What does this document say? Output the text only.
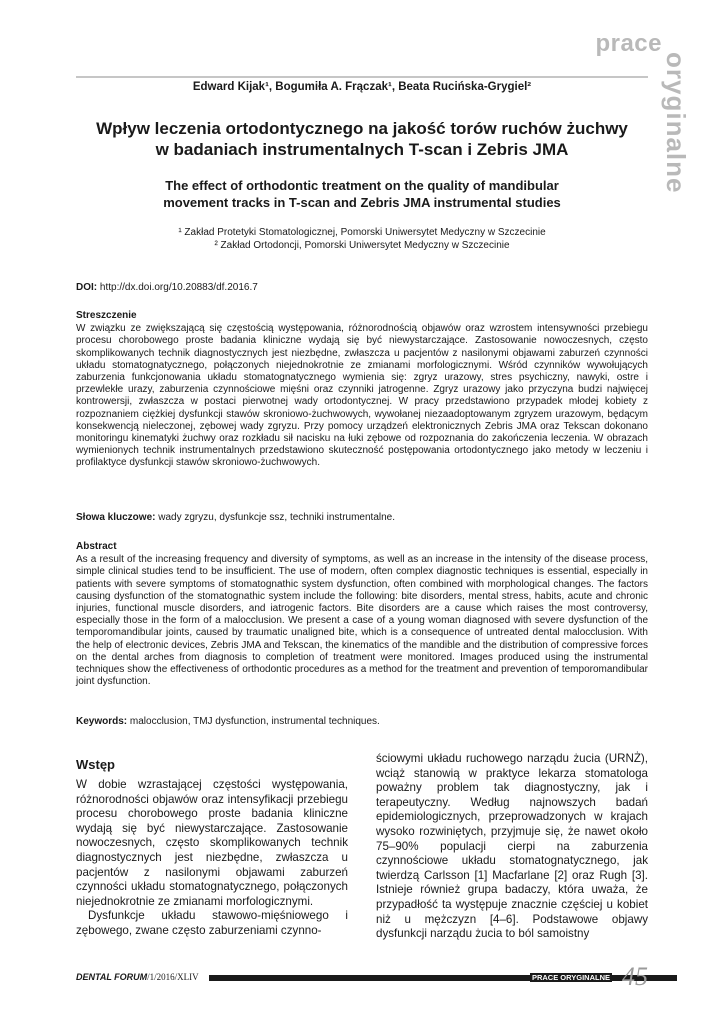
prace
oryginalne
Edward Kijak¹, Bogumiła A. Frączak¹, Beata Rucińska-Grygiel²
Wpływ leczenia ortodontycznego na jakość torów ruchów żuchwy
w badaniach instrumentalnych T-scan i Zebris JMA
The effect of orthodontic treatment on the quality of mandibular
movement tracks in T-scan and Zebris JMA instrumental studies
¹ Zakład Protetyki Stomatologicznej, Pomorski Uniwersytet Medyczny w Szczecinie
² Zakład Ortodoncji, Pomorski Uniwersytet Medyczny w Szczecinie
DOI: http://dx.doi.org/10.20883/df.2016.7
Streszczenie

W związku ze zwiększającą się częstością występowania, różnorodnością objawów oraz wzrostem intensywności przebiegu procesu chorobowego proste badania kliniczne wydają się być niewystarczające. Zastosowanie nowoczesnych, często skomplikowanych technik diagnostycznych jest niezbędne, zwłaszcza u pacjentów z nasilonymi objawami zaburzeń czynności układu stomatognatycznego, połączonych niejednokrotnie ze zmianami morfologicznymi. Wśród czynników wywołujących zaburzenia funkcjonowania układu stomatognatycznego wymienia się: zgryz urazowy, stres psychiczny, nawyki, ostre i przewlekłe urazy, zaburzenia czynnościowe mięśni oraz czynniki jatrogenne. Zgryz urazowy jako przyczyna budzi najwięcej kontrowersji, zwłaszcza w postaci pierwotnej wady ortodontycznej. W pracy przedstawiono przypadek młodej kobiety z rozpoznaniem ciężkiej dysfunkcji stawów skroniowo-żuchwowych, wywołanej niezaadoptowanym zgryzem urazowym, będącym konsekwencją nieleczonej, zębowej wady zgryzu. Przy pomocy urządzeń elektronicznych Zebris JMA oraz Tekscan dokonano monitoringu kinematyki żuchwy oraz rozkładu sił nacisku na łuki zębowe od rozpoznania do zakończenia leczenia. W obrazach wymienionych technik instrumentalnych przedstawiono skuteczność postępowania ortodontycznego jako metody w leczeniu i profilaktyce dysfunkcji stawów skroniowo-żuchwowych.

Słowa kluczowe: wady zgryzu, dysfunkcje ssz, techniki instrumentalne.
Abstract

As a result of the increasing frequency and diversity of symptoms, as well as an increase in the intensity of the disease process, simple clinical studies tend to be insufficient. The use of modern, often complex diagnostic techniques is essential, especially in patients with severe symptoms of stomatognathic system dysfunction, often combined with morphological changes. The factors causing dysfunction of the stomatognathic system include the following: bite disorders, mental stress, habits, acute and chronic injuries, functional muscle disorders, and iatrogenic factors. Bite disorders are a cause which raises the most controversy, especially those in the form of a malocclusion. We present a case of a young woman diagnosed with severe dysfunction of the temporomandibular joints, caused by traumatic unaligned bite, which is a consequence of untreated dental malocclusion. With the help of electronic devices, Zebris JMA and Tekscan, the kinematics of the mandible and the distribution of compressive forces on the dental arches from diagnosis to completion of treatment were monitored. Images produced using the instrumental techniques show the effectiveness of orthodontic procedures as a method for the treatment and prevention of temporomandibular joint dysfunction.

Keywords: malocclusion, TMJ dysfunction, instrumental techniques.
Wstęp

W dobie wzrastającej częstości występowania, różnorodności objawów oraz intensyfikacji przebiegu procesu chorobowego proste badania kliniczne wydają się być niewystarczające. Zastosowanie nowoczesnych, często skomplikowanych technik diagnostycznych jest niezbędne, zwłaszcza u pacjentów z nasilonymi objawami zaburzeń czynności układu stomatognatycznego, połączonych niejednokrotnie ze zmianami morfologicznymi.

Dysfunkcje układu stawowo-mięśniowego i zębowego, zwane często zaburzeniami czynno-

ściowymi układu ruchowego narządu żucia (URNŻ), wciąż stanowią w praktyce lekarza stomatologa poważny problem tak diagnostyczny, jak i terapeutyczny. Według najnowszych badań epidemiologicznych, przeprowadzonych w krajach wysoko rozwiniętych, przyjmuje się, że nawet około 75–90% populacji cierpi na zaburzenia czynnościowe układu stomatognatycznego, jak twierdzą Carlsson [1] Macfarlane [2] oraz Rugh [3]. Istnieje również grupa badaczy, która uważa, że przypadłość ta występuje znacznie częściej u kobiet niż u mężczyzn [4–6]. Podstawowe objawy dysfunkcji narządu żucia to ból samoistny

DENTAL FORUM/1/2016/XLIV	PRACE ORYGINALNE 45
